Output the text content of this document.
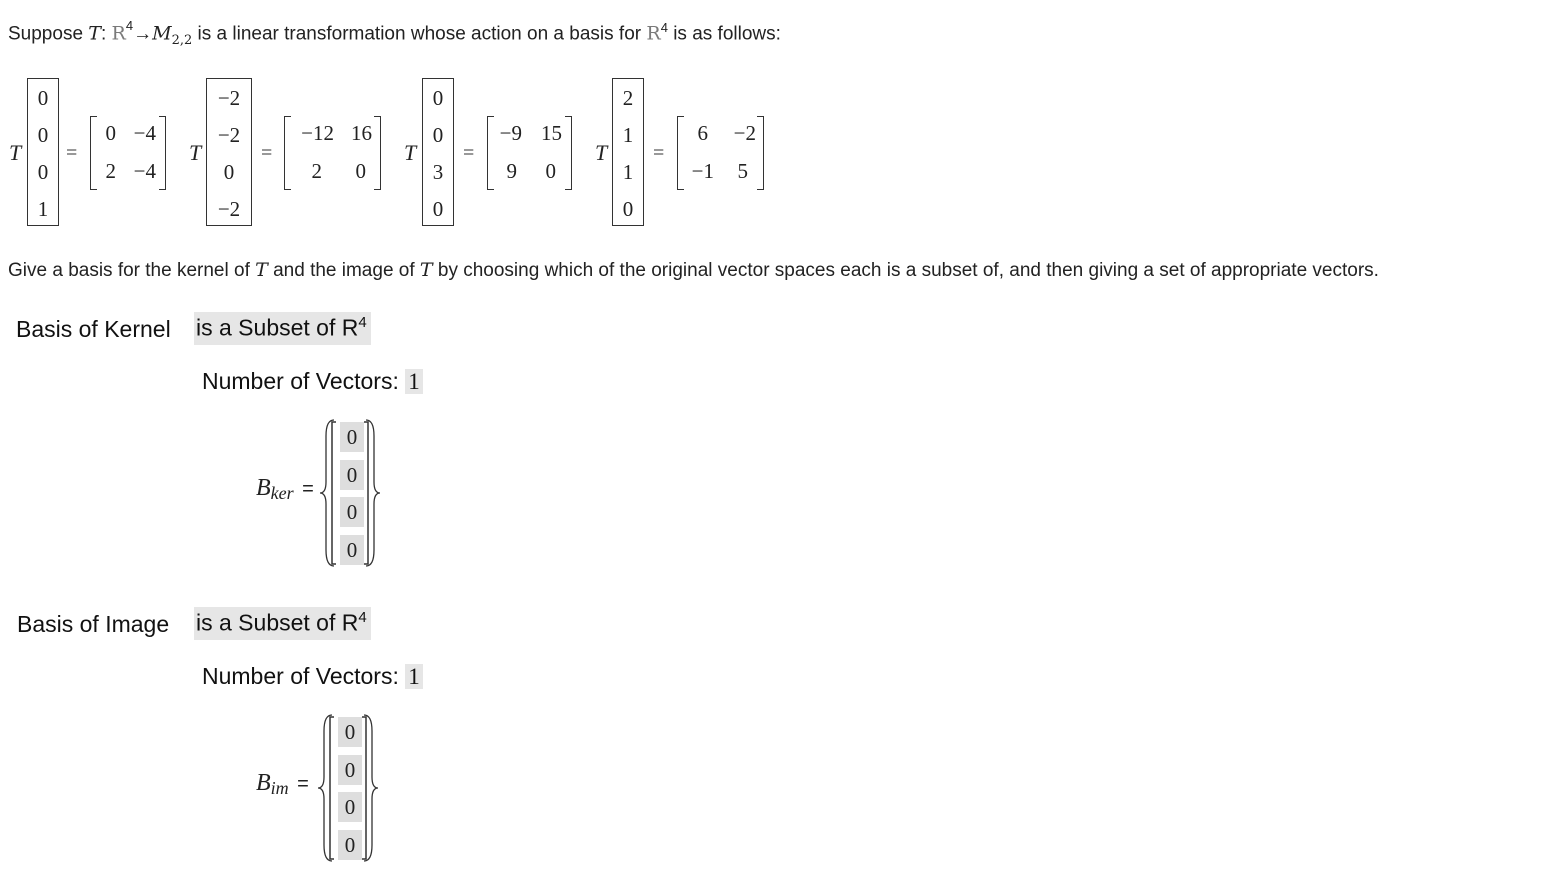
Suppose T: $R^4\to M_{2,2}$ is a linear transformation whose action on a basis for $R^4$ is as follows:
T
0
0
0
1
=
0 −4
2 −4
T
−2
−2
0
−2
=
−12 16
2	0
T
0
0
3
0
=
−9 15
9	0
T
2
1
1
0
=
6	−2
−1	5
Give a basis for the kernel of T and the image of T by choosing which of the original vector spaces each is a subset of, and then giving a set of appropriate vectors.
Basis of Kernel is a Subset of $R^4$
Number of Vectors: 1
$B_{ker}$ =
0
0
0
0
Basis of Image is a Subset of $R^4$
Number of Vectors: 1
$B_{im}$ =
0
0
0
0
